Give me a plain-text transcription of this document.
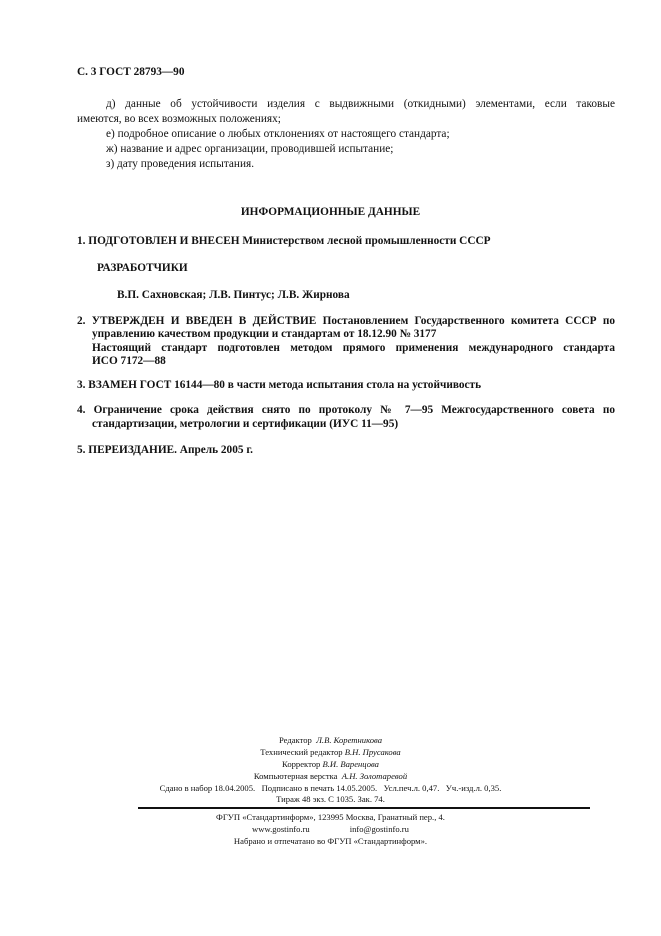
С. 3 ГОСТ 28793—90
д) данные об устойчивости изделия с выдвижными (откидными) элементами, если таковые
имеются, во всех возможных положениях;
е) подробное описание о любых отклонениях от настоящего стандарта;
ж) название и адрес организации, проводившей испытание;
з) дату проведения испытания.
ИНФОРМАЦИОННЫЕ ДАННЫЕ
1. ПОДГОТОВЛЕН И ВНЕСЕН Министерством лесной промышленности СССР
РАЗРАБОТЧИКИ
В.П. Сахновская; Л.В. Пинтус; Л.В. Жирнова
2. УТВЕРЖДЕН И ВВЕДЕН В ДЕЙСТВИЕ Постановлением Государственного комитета СССР по
управлению качеством продукции и стандартам от 18.12.90 № 3177
Настоящий стандарт подготовлен методом прямого применения международного стандарта
ИСО 7172—88
3. ВЗАМЕН ГОСТ 16144—80 в части метода испытания стола на устойчивость
4. Ограничение срока действия снято по протоколу № 7—95 Межгосударственного совета по
стандартизации, метрологии и сертификации (ИУС 11—95)
5. ПЕРЕИЗДАНИЕ. Апрель 2005 г.
Редактор Л.В. Коретникова
Технический редактор В.Н. Прусакова
Корректор В.И. Варенцова
Компьютерная верстка А.Н. Золотаревой
Сдано в набор 18.04.2005.   Подписано в печать 14.05.2005.   Усл.печ.л. 0,47.   Уч.-изд.л. 0,35.
Тираж 48 экз. С 1035. Зак. 74.
ФГУП «Стандартинформ», 123995 Москва, Гранатный пер., 4.
www.gostinfo.ru	info@gostinfo.ru
Набрано и отпечатано во ФГУП «Стандартинформ».
